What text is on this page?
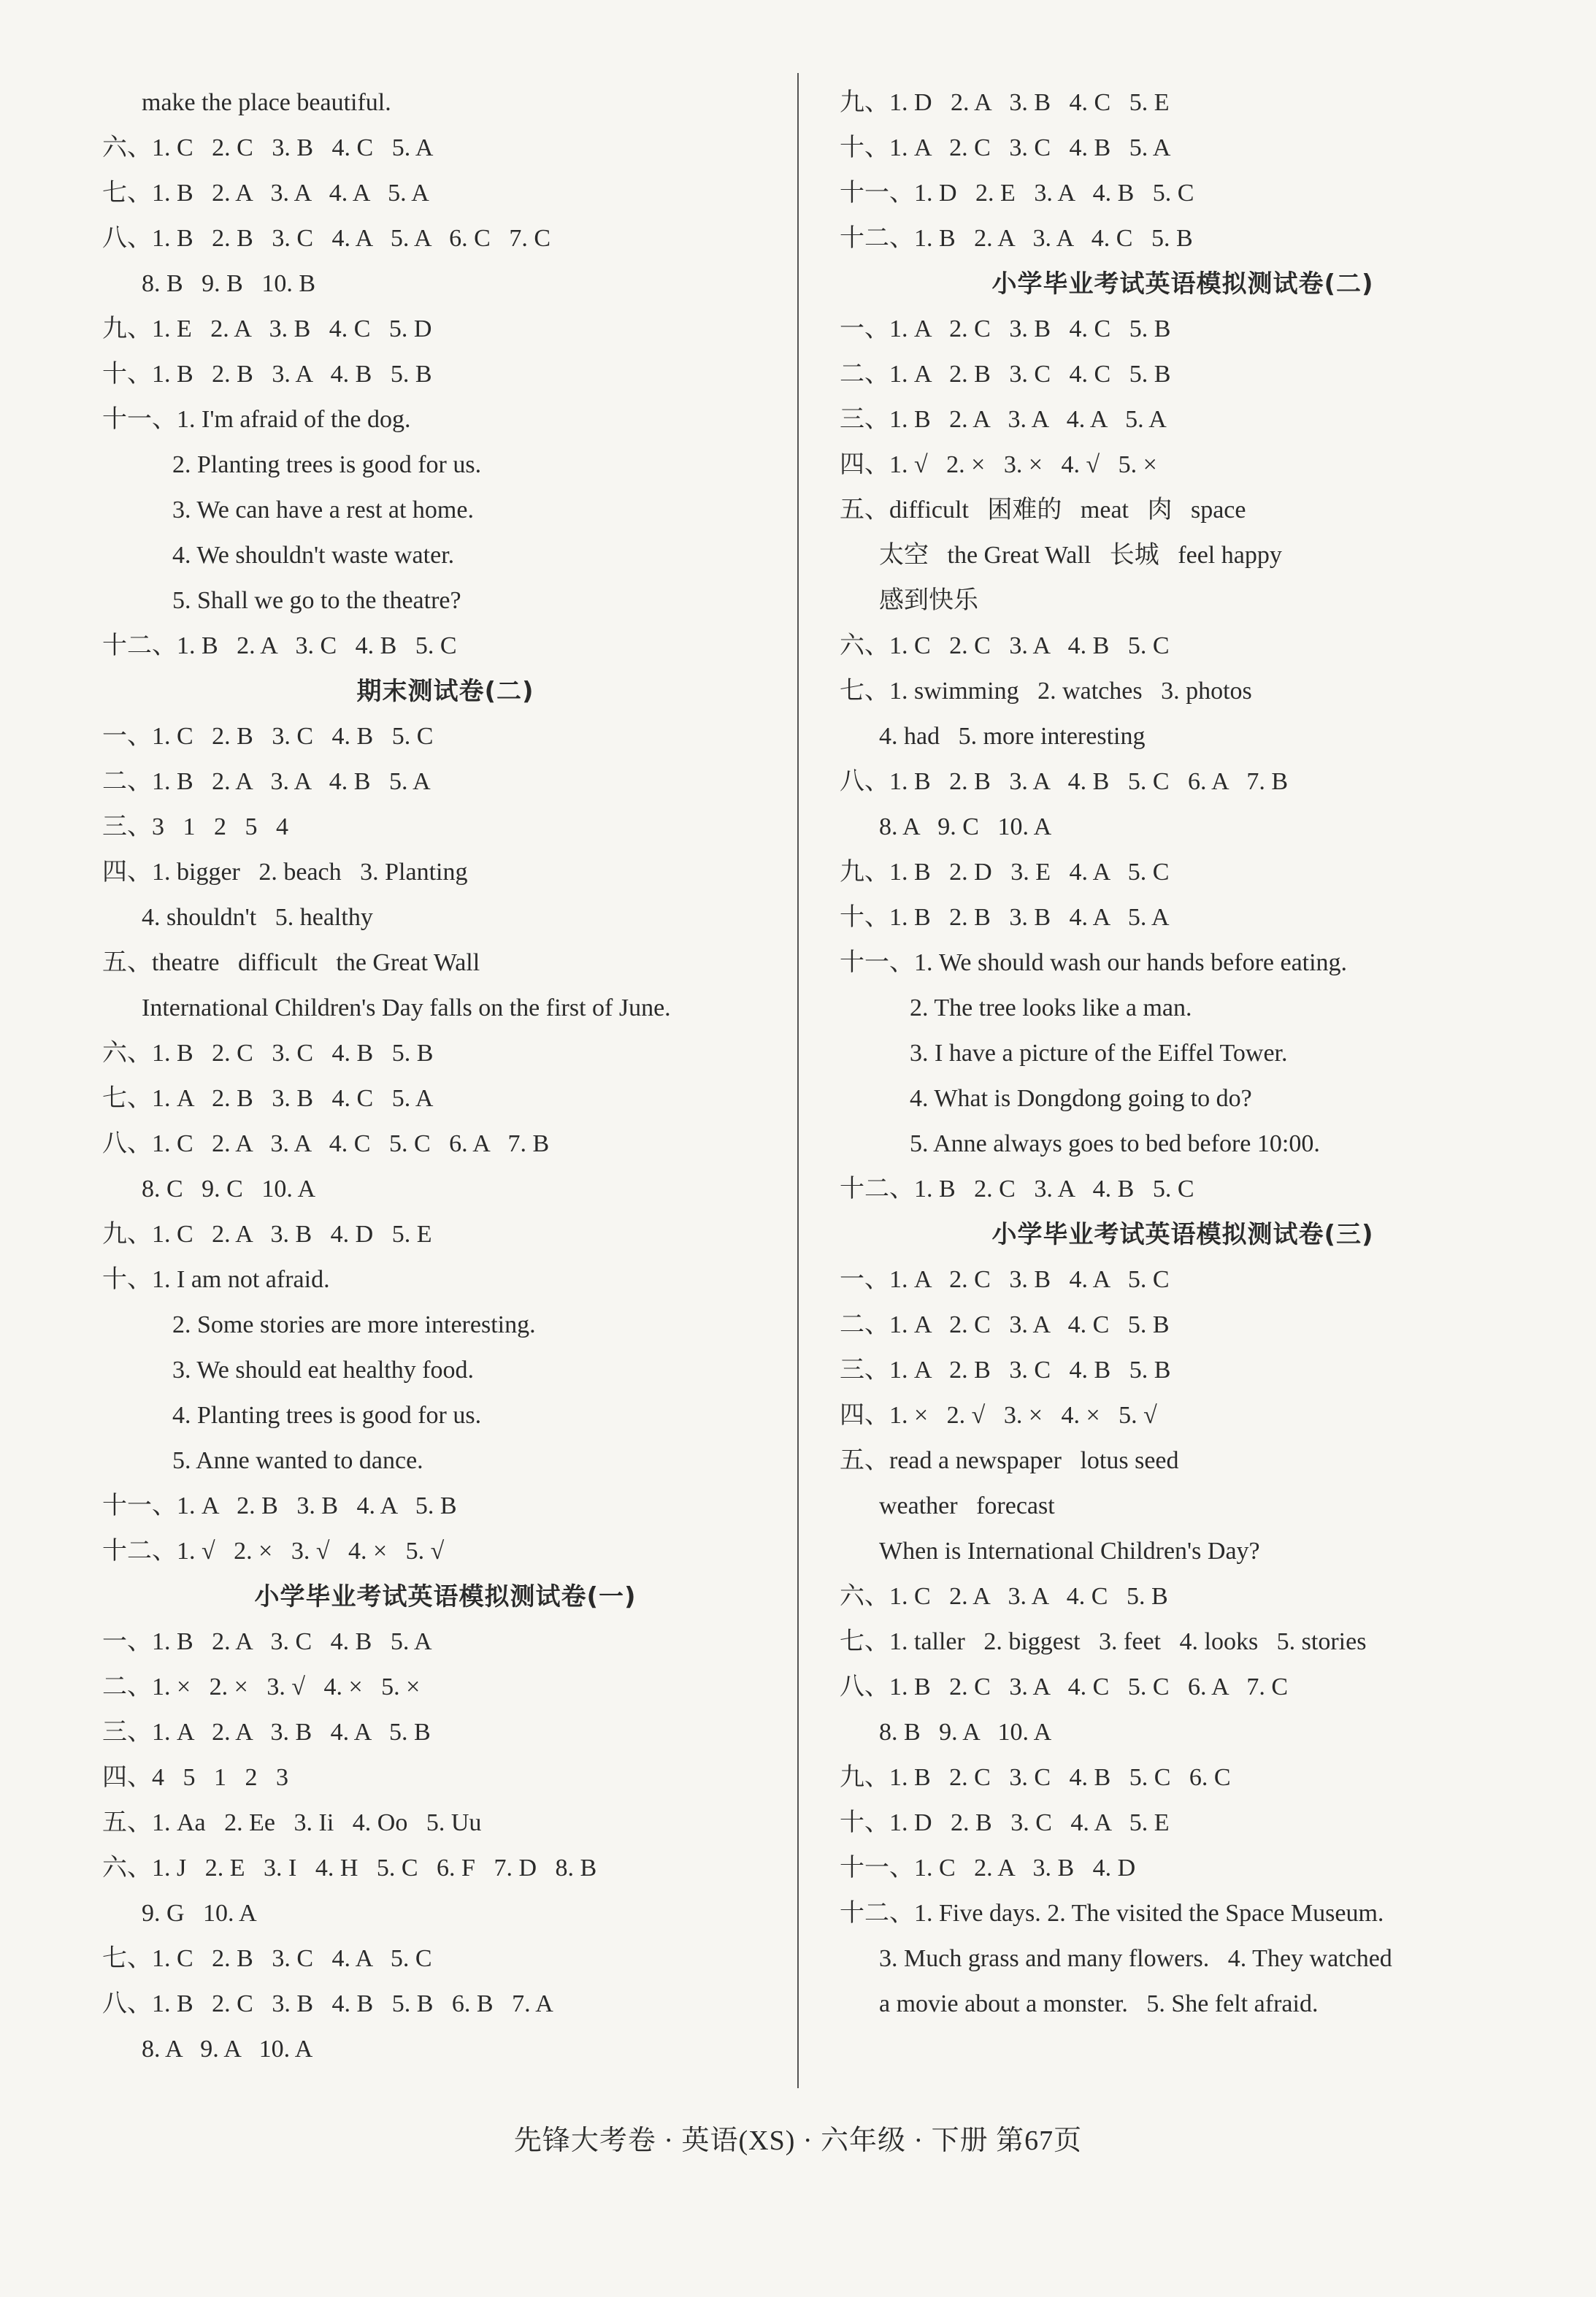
make the place beautiful.
六、1. C   2. C   3. B   4. C   5. A
七、1. B   2. A   3. A   4. A   5. A
八、1. B   2. B   3. C   4. A   5. A   6. C   7. C
8. B   9. B   10. B
九、1. E   2. A   3. B   4. C   5. D
十、1. B   2. B   3. A   4. B   5. B
十一、1. I'm afraid of the dog.
2. Planting trees is good for us.
3. We can have a rest at home.
4. We shouldn't waste water.
5. Shall we go to the theatre?
十二、1. B   2. A   3. C   4. B   5. C
期末测试卷(二)
一、1. C   2. B   3. C   4. B   5. C
二、1. B   2. A   3. A   4. B   5. A
三、3   1   2   5   4
四、1. bigger   2. beach   3. Planting
4. shouldn't   5. healthy
五、theatre   difficult   the Great Wall
International Children's Day falls on the first of June.
六、1. B   2. C   3. C   4. B   5. B
七、1. A   2. B   3. B   4. C   5. A
八、1. C   2. A   3. A   4. C   5. C   6. A   7. B
8. C   9. C   10. A
九、1. C   2. A   3. B   4. D   5. E
十、1. I am not afraid.
2. Some stories are more interesting.
3. We should eat healthy food.
4. Planting trees is good for us.
5. Anne wanted to dance.
十一、1. A   2. B   3. B   4. A   5. B
十二、1. √   2. ×   3. √   4. ×   5. √
小学毕业考试英语模拟测试卷(一)
一、1. B   2. A   3. C   4. B   5. A
二、1. ×   2. ×   3. √   4. ×   5. ×
三、1. A   2. A   3. B   4. A   5. B
四、4   5   1   2   3
五、1. Aa   2. Ee   3. Ii   4. Oo   5. Uu
六、1. J   2. E   3. I   4. H   5. C   6. F   7. D   8. B
9. G   10. A
七、1. C   2. B   3. C   4. A   5. C
八、1. B   2. C   3. B   4. B   5. B   6. B   7. A
8. A   9. A   10. A
九、1. D   2. A   3. B   4. C   5. E
十、1. A   2. C   3. C   4. B   5. A
十一、1. D   2. E   3. A   4. B   5. C
十二、1. B   2. A   3. A   4. C   5. B
小学毕业考试英语模拟测试卷(二)
一、1. A   2. C   3. B   4. C   5. B
二、1. A   2. B   3. C   4. C   5. B
三、1. B   2. A   3. A   4. A   5. A
四、1. √   2. ×   3. ×   4. √   5. ×
五、difficult   困难的   meat   肉   space
太空   the Great Wall   长城   feel happy
感到快乐
六、1. C   2. C   3. A   4. B   5. C
七、1. swimming   2. watches   3. photos
4. had   5. more interesting
八、1. B   2. B   3. A   4. B   5. C   6. A   7. B
8. A   9. C   10. A
九、1. B   2. D   3. E   4. A   5. C
十、1. B   2. B   3. B   4. A   5. A
十一、1. We should wash our hands before eating.
2. The tree looks like a man.
3. I have a picture of the Eiffel Tower.
4. What is Dongdong going to do?
5. Anne always goes to bed before 10:00.
十二、1. B   2. C   3. A   4. B   5. C
小学毕业考试英语模拟测试卷(三)
一、1. A   2. C   3. B   4. A   5. C
二、1. A   2. C   3. A   4. C   5. B
三、1. A   2. B   3. C   4. B   5. B
四、1. ×   2. √   3. ×   4. ×   5. √
五、read a newspaper   lotus seed
weather   forecast
When is International Children's Day?
六、1. C   2. A   3. A   4. C   5. B
七、1. taller   2. biggest   3. feet   4. looks   5. stories
八、1. B   2. C   3. A   4. C   5. C   6. A   7. C
8. B   9. A   10. A
九、1. B   2. C   3. C   4. B   5. C   6. C
十、1. D   2. B   3. C   4. A   5. E
十一、1. C   2. A   3. B   4. D
十二、1. Five days. 2. The visited the Space Museum.
3. Much grass and many flowers.   4. They watched
a movie about a monster.   5. She felt afraid.
先锋大考卷 · 英语(XS) · 六年级 · 下册 第67页
